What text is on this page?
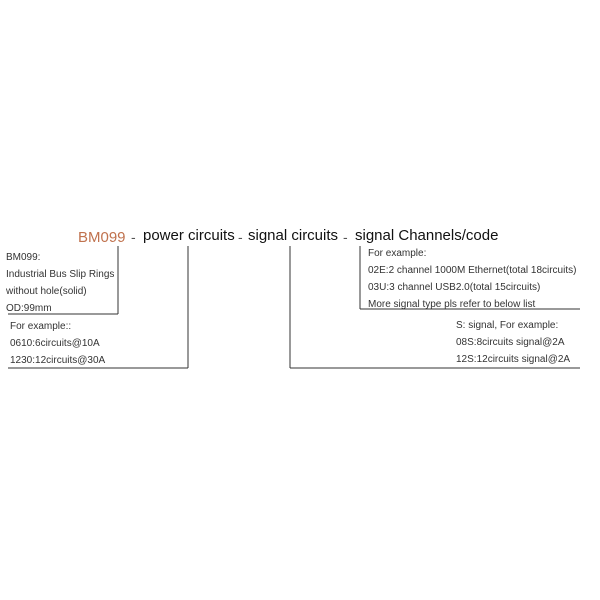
BM099 - power circuits - signal circuits - signal Channels/code
BM099:
Industrial Bus Slip Rings
without hole(solid)
OD:99mm
For example::
0610:6circuits@10A
1230:12circuits@30A
For example:
02E:2 channel 1000M Ethernet(total 18circuits)
03U:3 channel USB2.0(total 15circuits)
More signal type pls refer to below list
S: signal, For example:
08S:8circuits signal@2A
12S:12circuits signal@2A
